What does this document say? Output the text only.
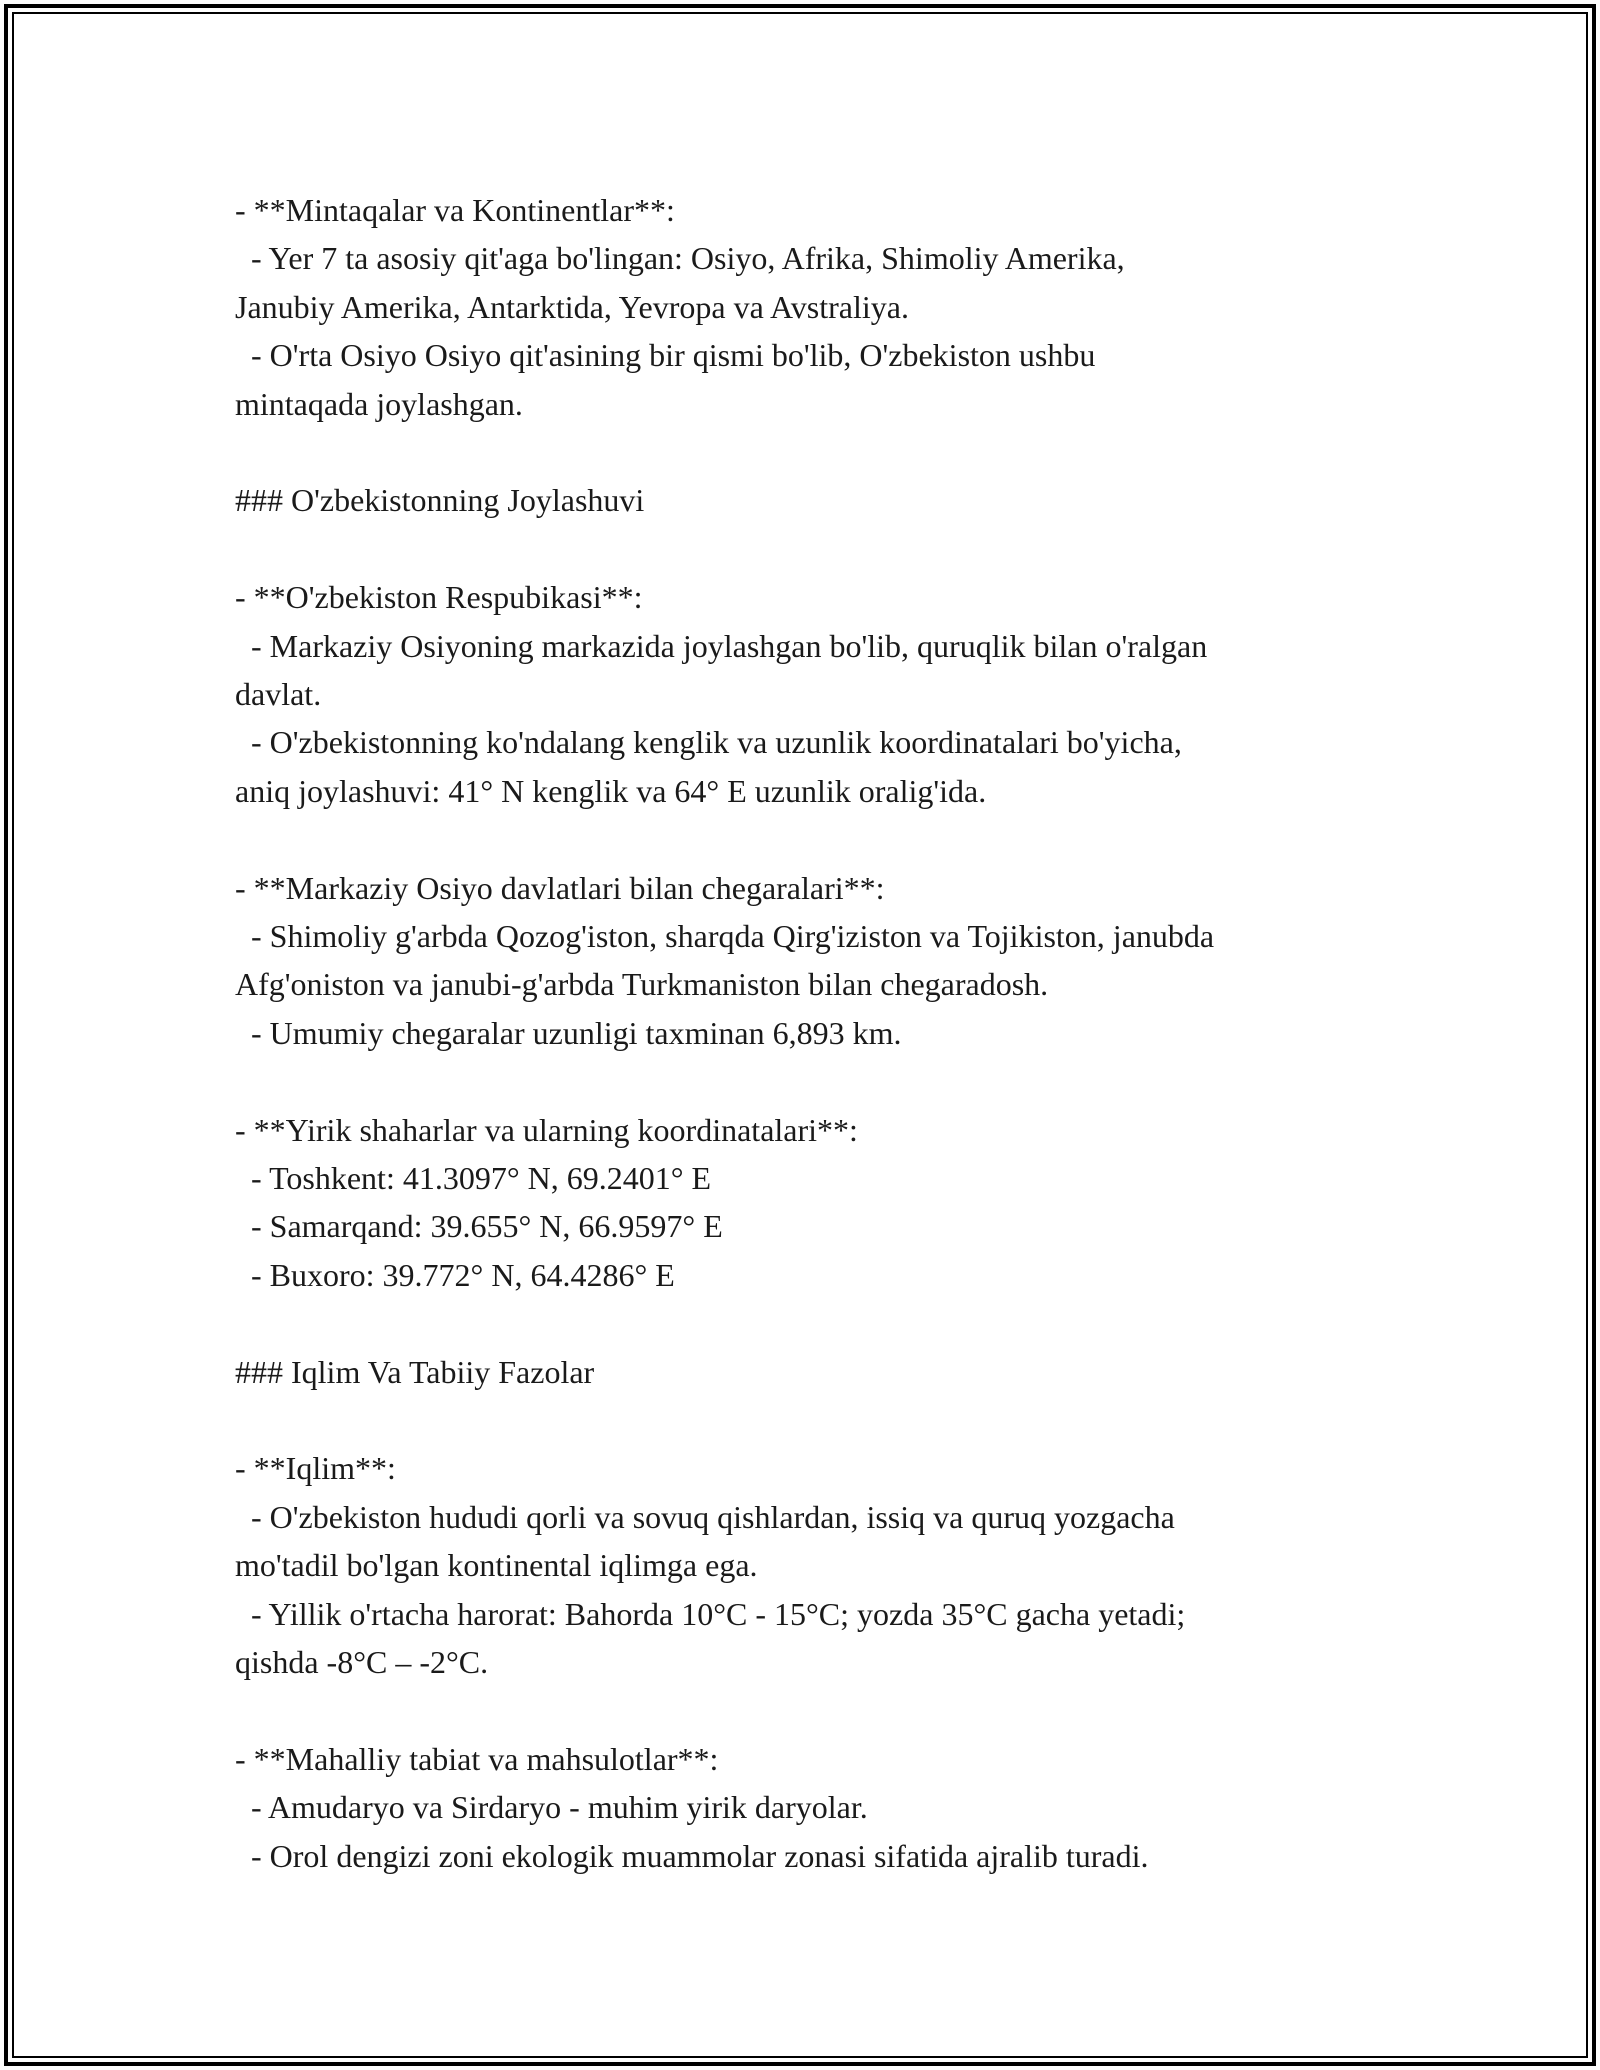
- **Mintaqalar va Kontinentlar**:

- Yer 7 ta asosiy qit'aga bo'lingan: Osiyo, Afrika, Shimoliy Amerika,

Janubiy Amerika, Antarktida, Yevropa va Avstraliya.

- O'rta Osiyo Osiyo qit'asining bir qismi bo'lib, O'zbekiston ushbu

mintaqada joylashgan.

### O'zbekistonning Joylashuvi

- **O'zbekiston Respubikasi**:

- Markaziy Osiyoning markazida joylashgan bo'lib, quruqlik bilan o'ralgan

davlat.

- O'zbekistonning ko'ndalang kenglik va uzunlik koordinatalari bo'yicha,

aniq joylashuvi: 41° N kenglik va 64° E uzunlik oralig'ida.

- **Markaziy Osiyo davlatlari bilan chegaralari**:

- Shimoliy g'arbda Qozog'iston, sharqda Qirg'iziston va Tojikiston, janubda

Afg'oniston va janubi-g'arbda Turkmaniston bilan chegaradosh.

- Umumiy chegaralar uzunligi taxminan 6,893 km.

- **Yirik shaharlar va ularning koordinatalari**:

- Toshkent: 41.3097° N, 69.2401° E

- Samarqand: 39.655° N, 66.9597° E

- Buxoro: 39.772° N, 64.4286° E

### Iqlim Va Tabiiy Fazolar

- **Iqlim**:

- O'zbekiston hududi qorli va sovuq qishlardan, issiq va quruq yozgacha

mo'tadil bo'lgan kontinental iqlimga ega.

- Yillik o'rtacha harorat: Bahorda 10°C - 15°C; yozda 35°C gacha yetadi;

qishda -8°C – -2°C.

- **Mahalliy tabiat va mahsulotlar**:

- Amudaryo va Sirdaryo - muhim yirik daryolar.

- Orol dengizi zoni ekologik muammolar zonasi sifatida ajralib turadi.
